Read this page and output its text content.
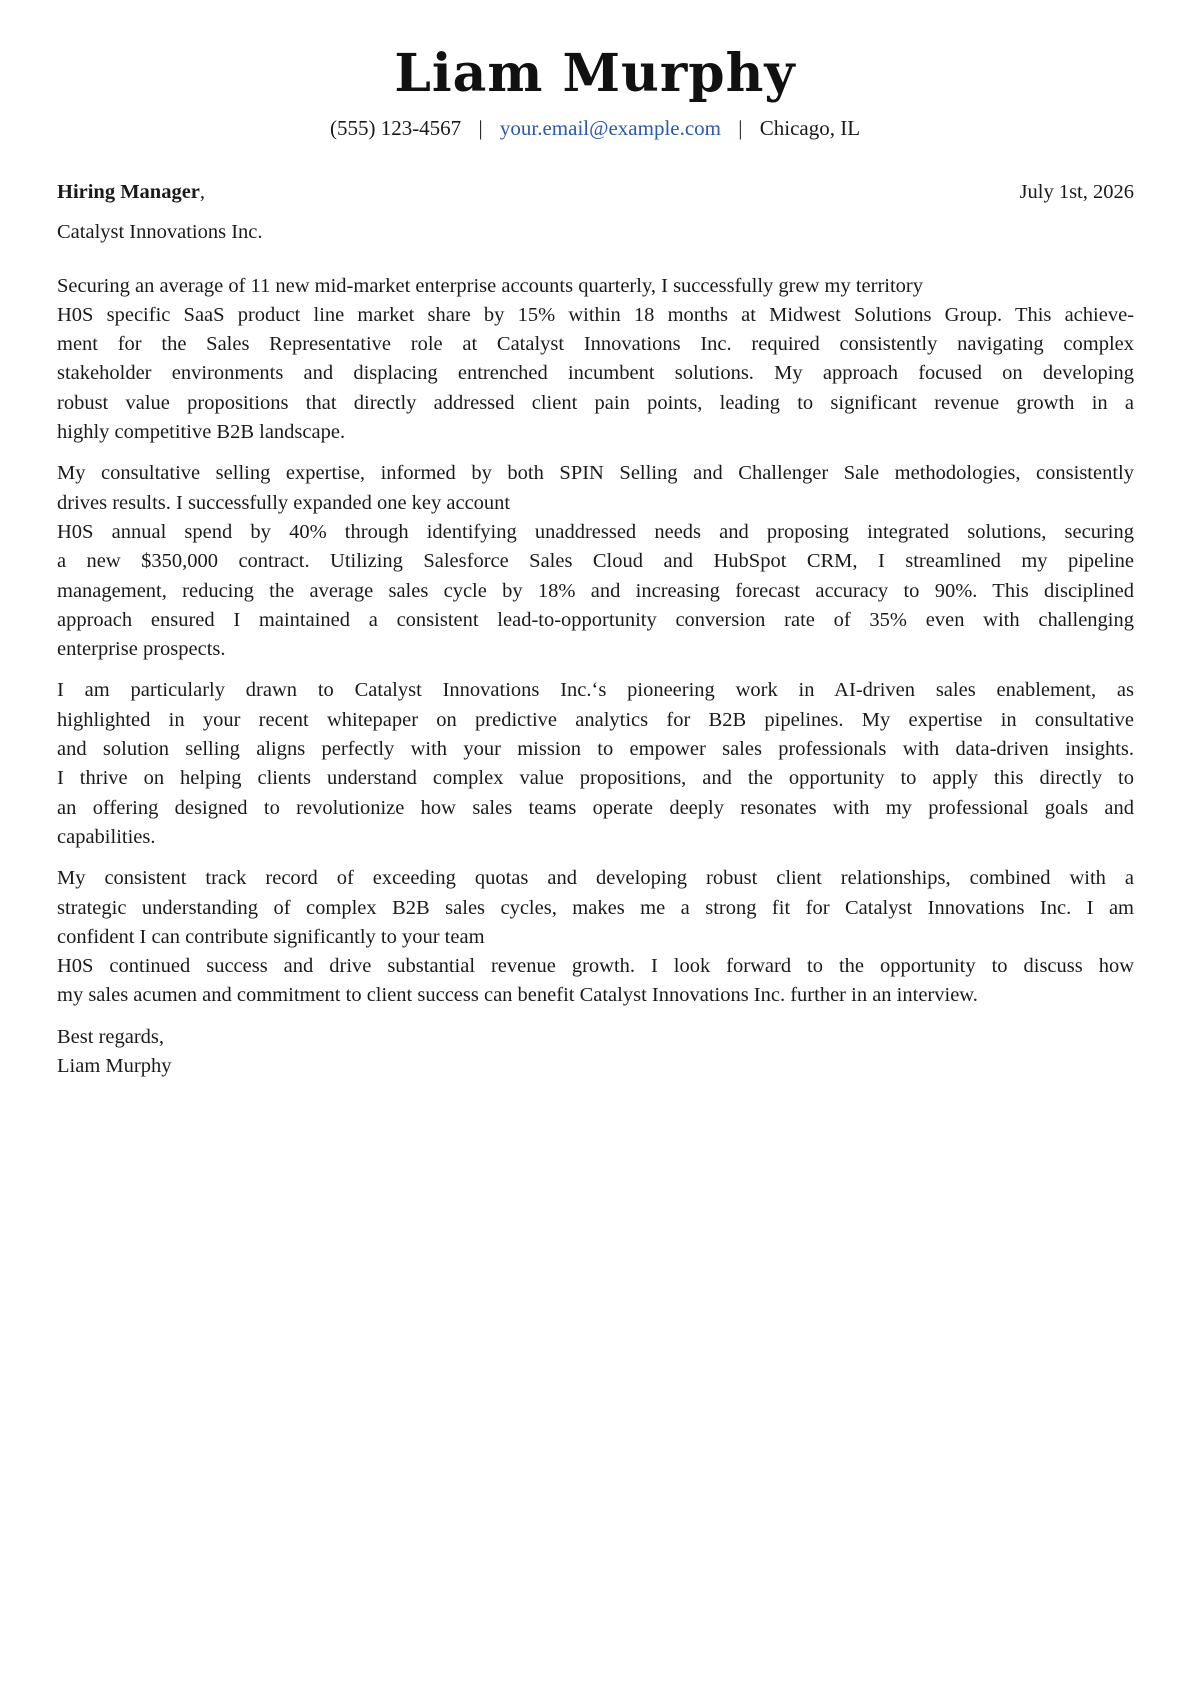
Liam Murphy
(555) 123-4567 | your.email@example.com | Chicago, IL
Hiring Manager,	July 1st, 2026
Catalyst Innovations Inc.

Securing an average of 11 new mid-market enterprise accounts quarterly, I successfully grew my territory
H0S specific SaaS product line market share by 15% within 18 months at Midwest Solutions Group. This achieve-
ment for the Sales Representative role at Catalyst Innovations Inc. required consistently navigating complex
stakeholder environments and displacing entrenched incumbent solutions. My approach focused on developing
robust value propositions that directly addressed client pain points, leading to significant revenue growth in a
highly competitive B2B landscape.

My consultative selling expertise, informed by both SPIN Selling and Challenger Sale methodologies, consistently
drives results. I successfully expanded one key account
H0S annual spend by 40% through identifying unaddressed needs and proposing integrated solutions, securing
a new $350,000 contract. Utilizing Salesforce Sales Cloud and HubSpot CRM, I streamlined my pipeline
management, reducing the average sales cycle by 18% and increasing forecast accuracy to 90%. This disciplined
approach ensured I maintained a consistent lead-to-opportunity conversion rate of 35% even with challenging
enterprise prospects.

I am particularly drawn to Catalyst Innovations Inc.‘s pioneering work in AI-driven sales enablement, as
highlighted in your recent whitepaper on predictive analytics for B2B pipelines. My expertise in consultative
and solution selling aligns perfectly with your mission to empower sales professionals with data-driven insights.
I thrive on helping clients understand complex value propositions, and the opportunity to apply this directly to
an offering designed to revolutionize how sales teams operate deeply resonates with my professional goals and
capabilities.

My consistent track record of exceeding quotas and developing robust client relationships, combined with a
strategic understanding of complex B2B sales cycles, makes me a strong fit for Catalyst Innovations Inc. I am
confident I can contribute significantly to your team
H0S continued success and drive substantial revenue growth. I look forward to the opportunity to discuss how
my sales acumen and commitment to client success can benefit Catalyst Innovations Inc. further in an interview.

Best regards,
Liam Murphy
